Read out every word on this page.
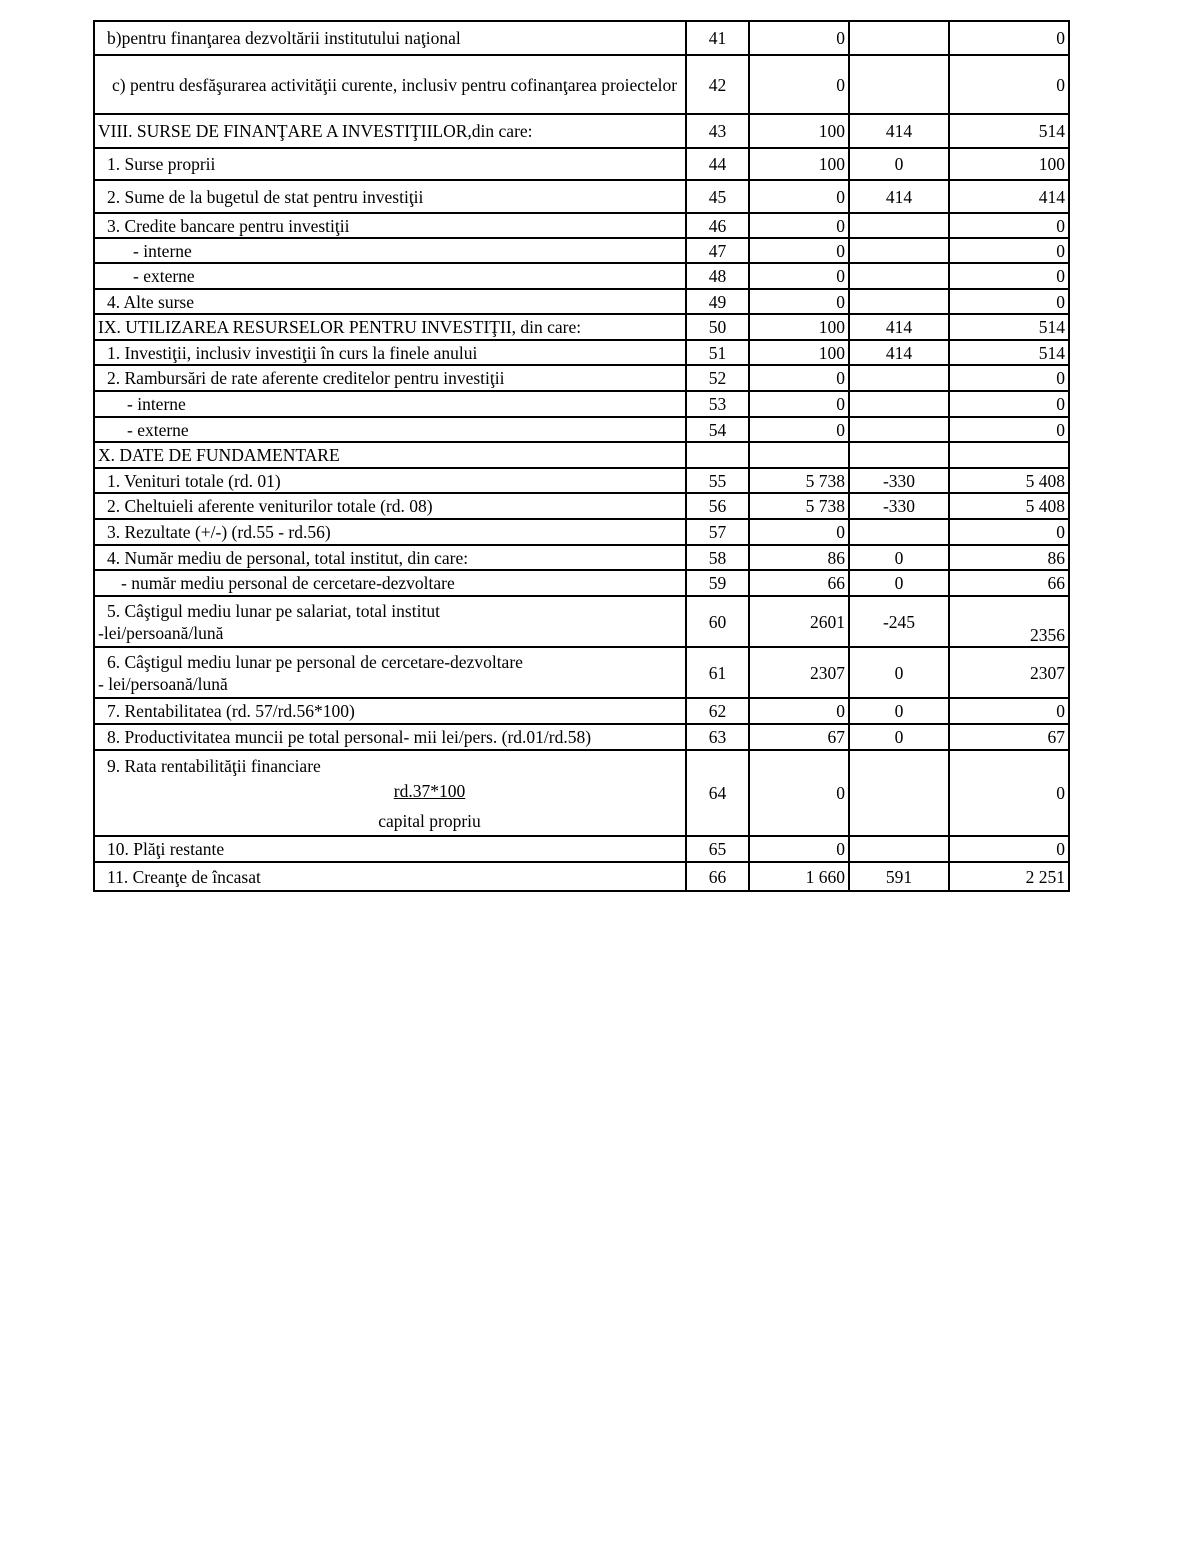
b)pentru finanţarea dezvoltării institutului naţional	41	0		0
c) pentru desfăşurarea activităţii curente, inclusiv pentru cofinanţarea proiectelor	42	0		0
VIII. SURSE DE FINANŢARE A INVESTIŢIILOR,din care:	43	100	414	514
1. Surse proprii	44	100	0	100
2. Sume de la bugetul de stat pentru investiţii	45	0	414	414
3. Credite bancare pentru investiţii	46	0		0
- interne	47	0		0
- externe	48	0		0
4. Alte surse	49	0		0
IX. UTILIZAREA RESURSELOR PENTRU INVESTIŢII, din care:	50	100	414	514
1. Investiţii, inclusiv investiţii în curs la finele anului	51	100	414	514
2. Rambursări de rate aferente creditelor pentru investiţii	52	0		0
- interne	53	0		0
- externe	54	0		0
X. DATE DE FUNDAMENTARE				
1. Venituri totale (rd. 01)	55	5 738	-330	5 408
2. Cheltuieli aferente veniturilor totale (rd. 08)	56	5 738	-330	5 408
3. Rezultate (+/-) (rd.55 - rd.56)	57	0		0
4. Număr mediu de personal, total institut, din care:	58	86	0	86
- număr mediu personal de cercetare-dezvoltare	59	66	0	66

5. Câştigul mediu lunar pe salariat, total institut
-lei/persoană/lună	60	2601	-245	2356

6. Câştigul mediu lunar pe personal de cercetare-dezvoltare
- lei/persoană/lună	61	2307	0	2307
7. Rentabilitatea (rd. 57/rd.56*100)	62	0	0	0
8. Productivitatea muncii pe total personal- mii lei/pers. (rd.01/rd.58)	63	67	0	67

9. Rata rentabilităţii financiare
rd.37*100
capital propriu	64	0		0
10. Plăţi restante	65	0		0
11. Creanţe de încasat	66	1 660	591	2 251
